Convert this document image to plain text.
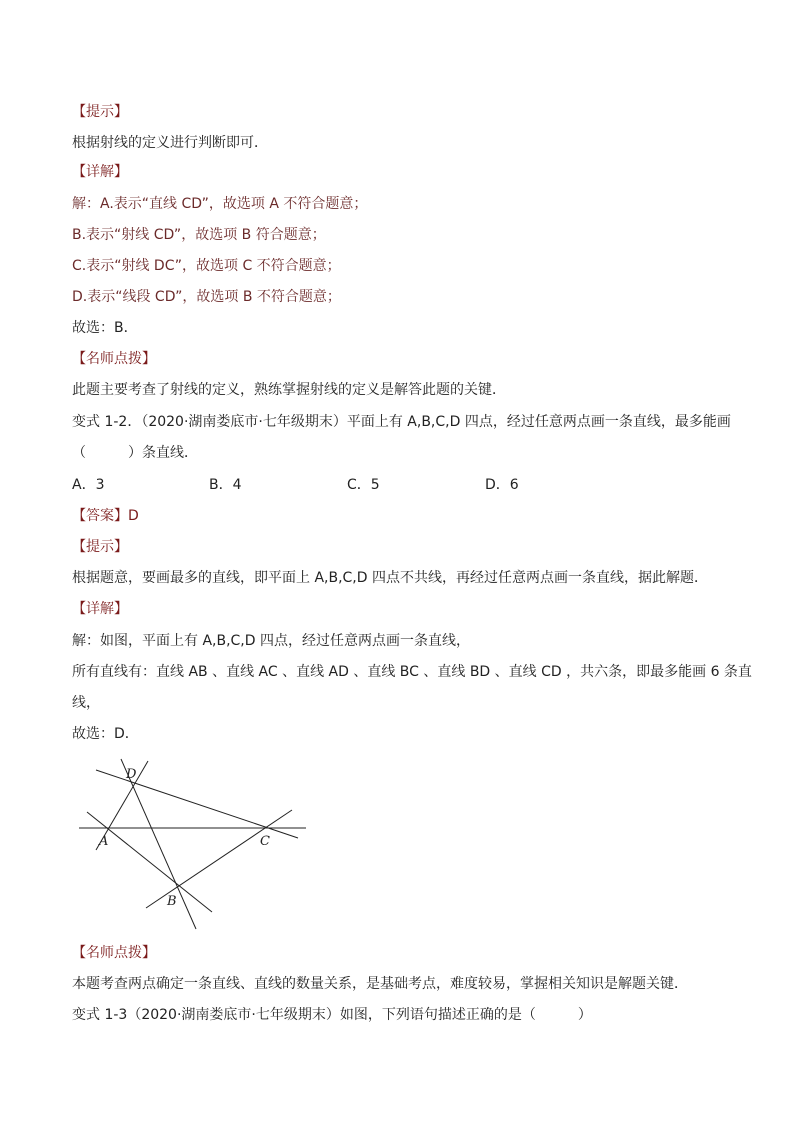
【提示】
根据射线的定义进行判断即可．
【详解】
解：A.表示“直线 CD”，故选项 A 不符合题意；
B.表示“射线 CD”，故选项 B 符合题意；
C.表示“射线 DC”，故选项 C 不符合题意；
D.表示“线段 CD”，故选项 B 不符合题意；
故选：B．
【名师点拨】
此题主要考查了射线的定义，熟练掌握射线的定义是解答此题的关键．
变式 1-2．（2020·湖南娄底市·七年级期末）平面上有 A,B,C,D 四点，经过任意两点画一条直线，最多能画
（　　　）条直线．
A．3	B．4	C．5	D．6
【答案】D
【提示】
根据题意，要画最多的直线，即平面上 A,B,C,D 四点不共线，再经过任意两点画一条直线，据此解题．
【详解】
解：如图，平面上有 A,B,C,D 四点，经过任意两点画一条直线，
所有直线有：直线 AB 、直线 AC 、直线 AD 、直线 BC 、直线 BD 、直线 CD ，共六条，即最多能画 6 条直
线，
故选：D．
D
A	C
B
【名师点拨】
本题考查两点确定一条直线、直线的数量关系，是基础考点，难度较易，掌握相关知识是解题关键．
变式 1-3（2020·湖南娄底市·七年级期末）如图，下列语句描述正确的是（　　　）
